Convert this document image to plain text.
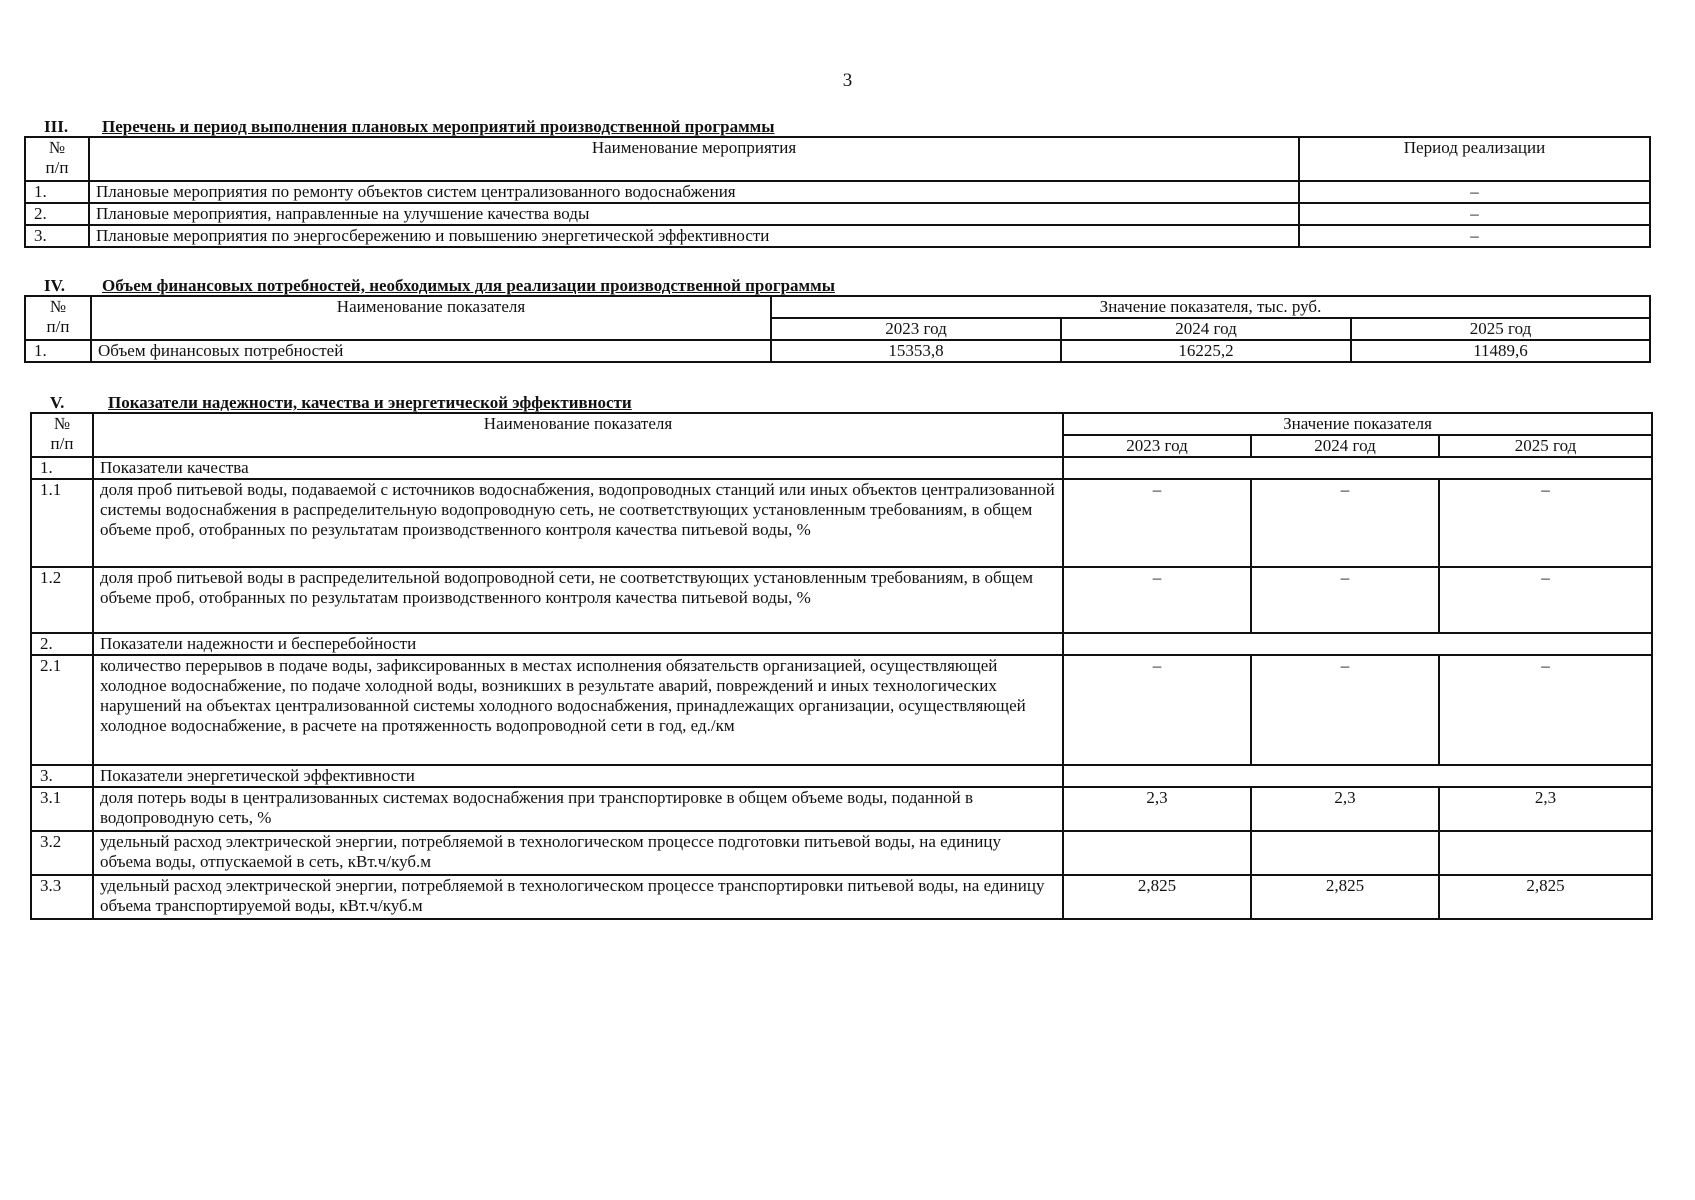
3
III. Перечень и период выполнения плановых мероприятий производственной программы
№
п/п	Наименование мероприятия	Период реализации
1.	Плановые мероприятия по ремонту объектов систем централизованного водоснабжения	–
2.	Плановые мероприятия, направленные на улучшение качества воды	–
3.	Плановые мероприятия по энергосбережению и повышению энергетической эффективности	–
IV. Объем финансовых потребностей, необходимых для реализации производственной программы
№
п/п	Наименование показателя	Значение показателя, тыс. руб.		
		2023 год	2024 год	2025 год
1.	Объем финансовых потребностей	15353,8	16225,2	11489,6
V.	Показатели надежности, качества и энергетической эффективности
№
п/п	Наименование показателя	Значение показателя		
		2023 год	2024 год	2025 год
1.	Показатели качества			
1.1	доля проб питьевой воды, подаваемой с источников водоснабжения, водопроводных станций или иных объектов централизованной системы водоснабжения в распределительную водопроводную сеть, не соответствующих установленным требованиям, в общем объеме проб, отобранных по результатам производственного контроля качества питьевой воды, %	–	–	–
1.2	доля проб питьевой воды в распределительной водопроводной сети, не соответствующих установленным требованиям, в общем объеме проб, отобранных по результатам производственного контроля качества питьевой воды, %	–	–	–
2.	Показатели надежности и бесперебойности			
2.1	количество перерывов в подаче воды, зафиксированных в местах исполнения обязательств организацией, осуществляющей холодное водоснабжение, по подаче холодной воды, возникших в результате аварий, повреждений и иных технологических нарушений на объектах централизованной системы холодного водоснабжения, принадлежащих организации, осуществляющей холодное водоснабжение, в расчете на протяженность водопроводной сети в год, ед./км	–	–	–
3.	Показатели энергетической эффективности			
3.1	доля потерь воды в централизованных системах водоснабжения при транспортировке в общем объеме воды, поданной в водопроводную сеть, %	2,3	2,3	2,3
3.2	удельный расход электрической энергии, потребляемой в технологическом процессе подготовки питьевой воды, на единицу объема воды, отпускаемой в сеть, кВт.ч/куб.м			
3.3	удельный расход электрической энергии, потребляемой в технологическом процессе транспортировки питьевой воды, на единицу объема транспортируемой воды, кВт.ч/куб.м	2,825	2,825	2,825
